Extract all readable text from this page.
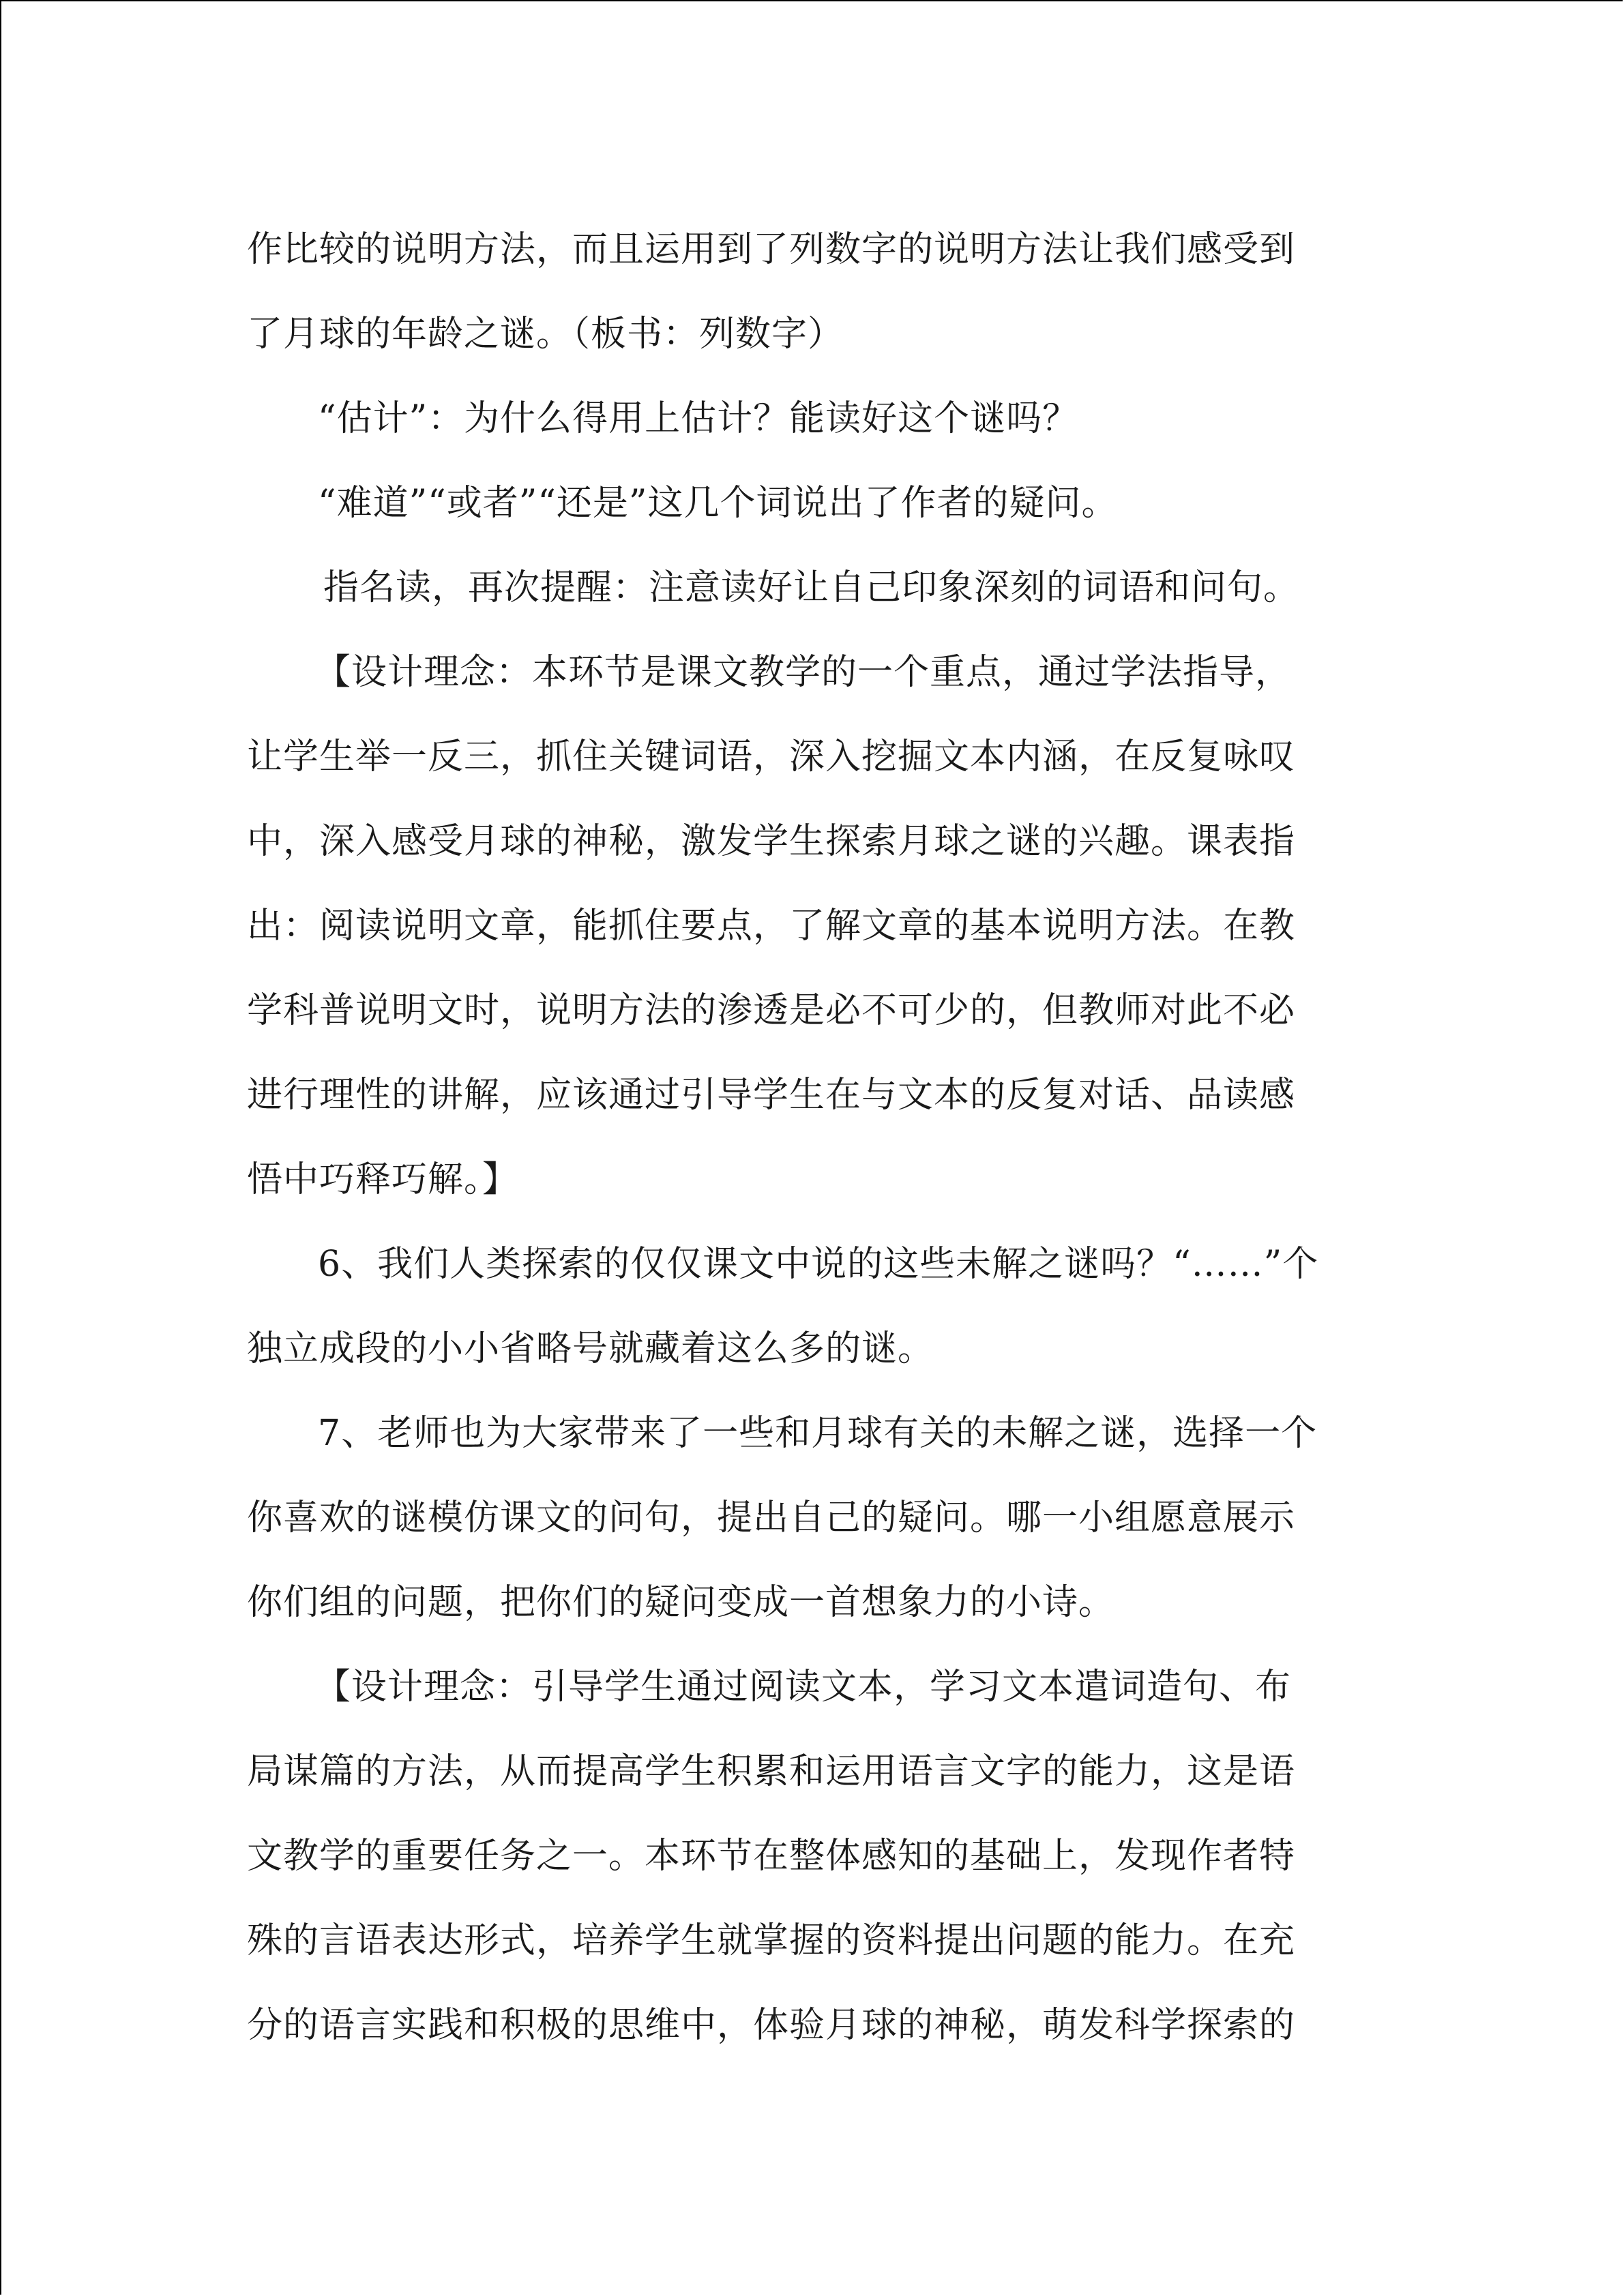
作比较的说明方法，而且运用到了列数字的说明方法让我们感受到
了月球的年龄之谜。（板书：列数字）
“估计”：为什么得用上估计？能读好这个谜吗？
“难道”“或者”“还是”这几个词说出了作者的疑问。
指名读，再次提醒：注意读好让自己印象深刻的词语和问句。
【设计理念：本环节是课文教学的一个重点，通过学法指导，
让学生举一反三，抓住关键词语，深入挖掘文本内涵，在反复咏叹
中，深入感受月球的神秘，激发学生探索月球之谜的兴趣。课表指
出：阅读说明文章，能抓住要点，了解文章的基本说明方法。在教
学科普说明文时，说明方法的渗透是必不可少的，但教师对此不必
进行理性的讲解，应该通过引导学生在与文本的反复对话、品读感
悟中巧释巧解。】
6、我们人类探索的仅仅课文中说的这些未解之谜吗？“……”个
独立成段的小小省略号就藏着这么多的谜。
7、老师也为大家带来了一些和月球有关的未解之谜，选择一个
你喜欢的谜模仿课文的问句，提出自己的疑问。哪一小组愿意展示
你们组的问题，把你们的疑问变成一首想象力的小诗。
【设计理念：引导学生通过阅读文本，学习文本遣词造句、布
局谋篇的方法，从而提高学生积累和运用语言文字的能力，这是语
文教学的重要任务之一。本环节在整体感知的基础上，发现作者特
殊的言语表达形式，培养学生就掌握的资料提出问题的能力。在充
分的语言实践和积极的思维中，体验月球的神秘，萌发科学探索的
